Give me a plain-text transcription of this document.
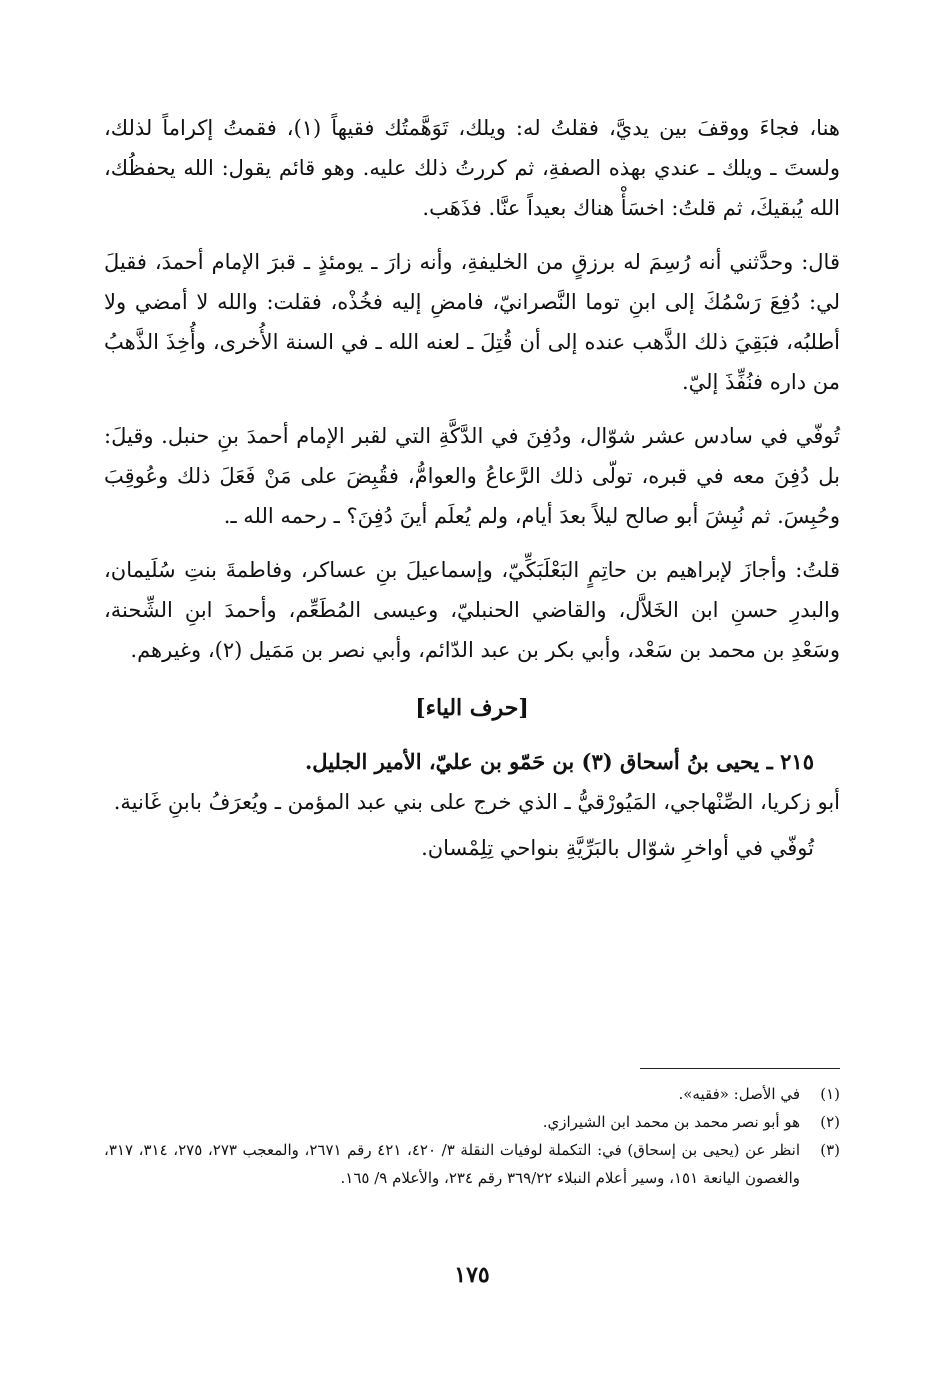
هنا، فجاءَ ووقفَ بين يديَّ، فقلتُ له: ويلك، تَوَهَّمتُك فقيهاً (١)، فقمتُ إكراماً لذلك، ولستَ ـ ويلك ـ عندي بهذه الصفةِ، ثم كررتُ ذلك عليه. وهو قائم يقول: الله يحفظُك، الله يُبقيكَ، ثم قلتُ: اخسَأْ هناك بعيداً عنَّا. فذَهَب.

قال: وحدَّثني أنه رُسِمَ له برزقٍ من الخليفةِ، وأنه زارَ ـ يومئذٍ ـ قبرَ الإمام أحمدَ، فقيلَ لي: دُفِعَ رَسْمُكَ إلى ابنِ توما النَّصرانيّ، فامضِ إليه فخُذْه، فقلت: والله لا أمضي ولا أطلبُه، فبَقِيَ ذلك الذَّهب عنده إلى أن قُتِلَ ـ لعنه الله ـ في السنة الأُخرى، وأُخِذَ الذَّهبُ من داره فنُفِّذَ إليّ.

تُوفّي في سادس عشر شوّال، ودُفِنَ في الدَّكَّةِ التي لقبر الإمام أحمدَ بنِ حنبل. وقيلَ: بل دُفِنَ معه في قبره، تولّى ذلك الرَّعاعُ والعوامُّ، فقُبِضَ على مَنْ فَعَلَ ذلك وعُوقِبَ وحُبِسَ. ثم نُبِشَ أبو صالح ليلاً بعدَ أيام، ولم يُعلَم أينَ دُفِنَ؟ ـ رحمه الله ـ.

قلتُ: وأجازَ لإبراهيم بن حاتِمٍ البَعْلَبَكِّيّ، وإسماعيلَ بنِ عساكر، وفاطمةَ بنتِ سُلَيمان، والبدرِ حسنِ ابن الخَلاَّل، والقاضي الحنبليّ، وعيسى المُطَعِّم، وأحمدَ ابنِ الشِّحنة، وسَعْدِ بن محمد بن سَعْد، وأبي بكر بن عبد الدّائم، وأبي نصر بن مَمَيل (٢)، وغيرهم.

[حرف الياء]

٢١٥ ـ يحيى بنُ أسحاق (٣) بن حَمّو بن عليّ، الأمير الجليل.

أبو زكريا، الصِّنْهاجي، المَيُورْقيُّ ـ الذي خرج على بني عبد المؤمن ـ ويُعرَفُ بابنِ غَانية.

تُوفّي في أواخرِ شوّال بالبَرِّيَّةِ بنواحي تِلِمْسان.

(١)
في الأصل: «فقيه».
(٢)
هو أبو نصر محمد بن محمد ابن الشيرازي.
(٣)
انظر عن (يحيى بن إسحاق) في: التكملة لوفيات النقلة ٣/ ٤٢٠، ٤٢١ رقم ٢٦٧١، والمعجب ٢٧٣، ٢٧٥، ٣١٤، ٣١٧، والغصون اليانعة ١٥١، وسير أعلام النبلاء ٣٦٩/٢٢ رقم ٢٣٤، والأعلام ٩/ ١٦٥.
١٧٥
